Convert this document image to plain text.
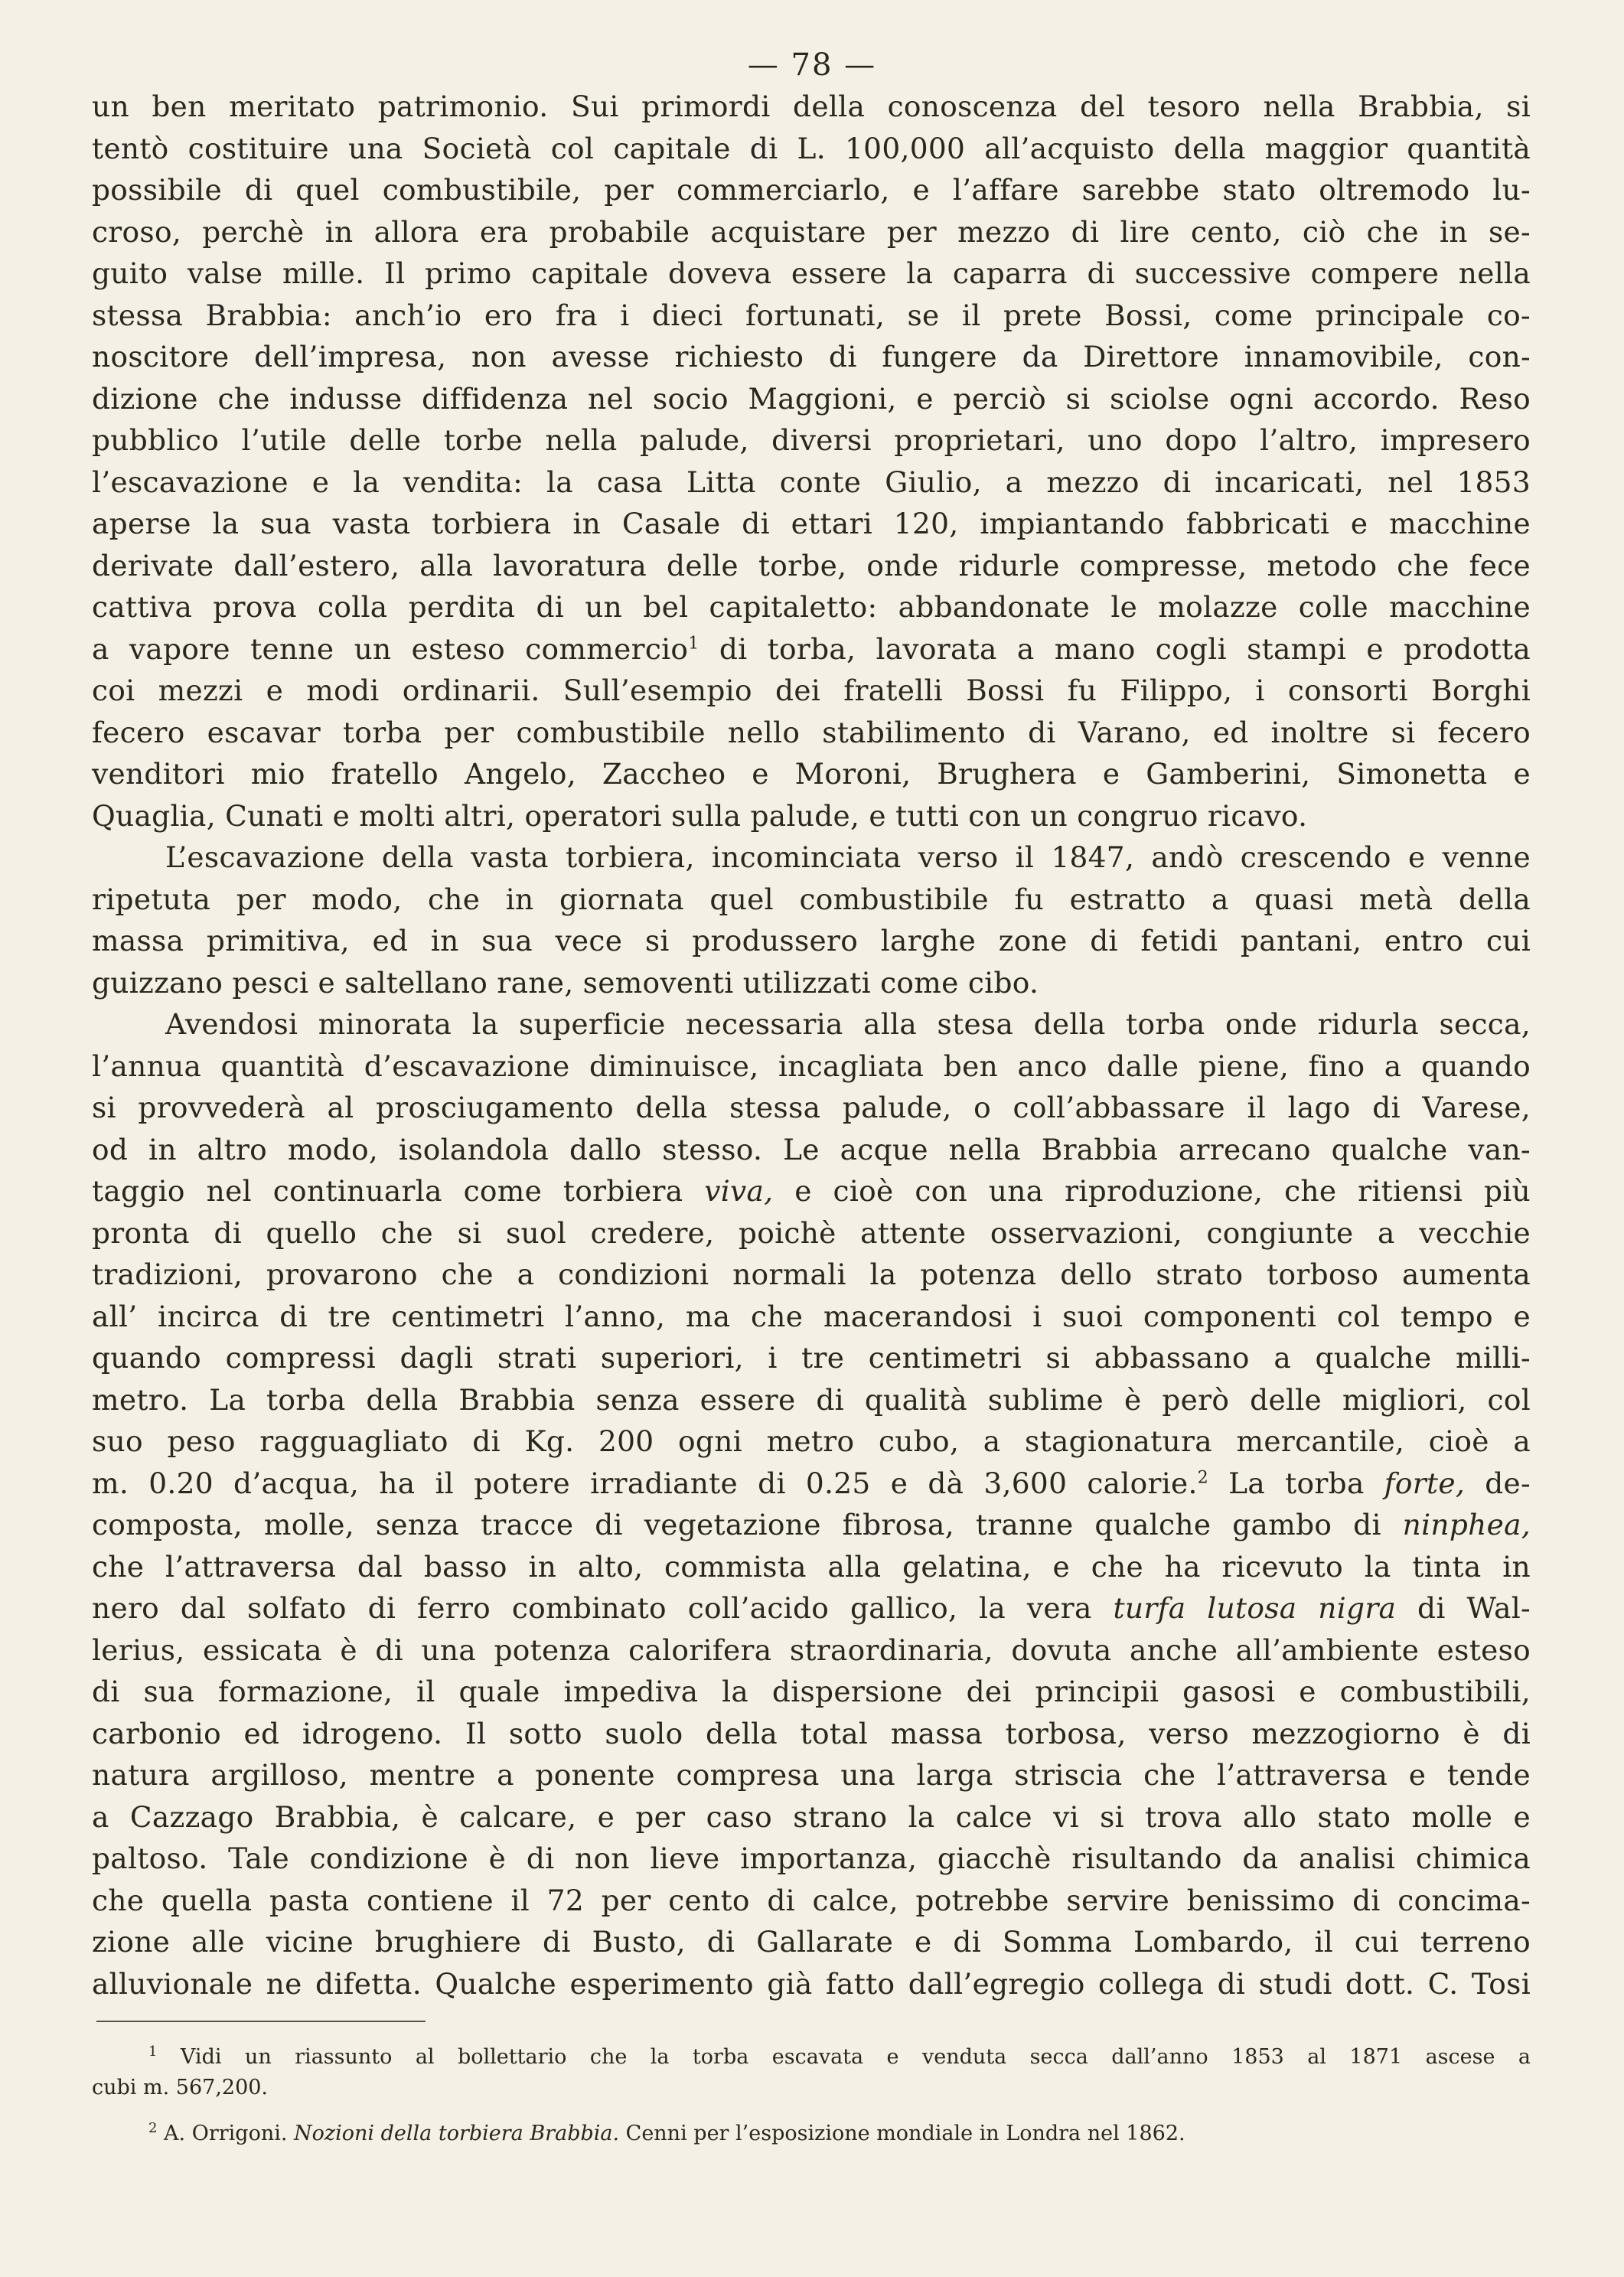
— 78 —
un ben meritato patrimonio. Sui primordi della conoscenza del tesoro nella Brabbia, si
tentò costituire una Società col capitale di L. 100,000 all’acquisto della maggior quantità
possibile di quel combustibile, per commerciarlo, e l’affare sarebbe stato oltremodo lu-
croso, perchè in allora era probabile acquistare per mezzo di lire cento, ciò che in se-
guito valse mille. Il primo capitale doveva essere la caparra di successive compere nella
stessa Brabbia: anch’io ero fra i dieci fortunati, se il prete Bossi, come principale co-
noscitore dell’impresa, non avesse richiesto di fungere da Direttore innamovibile, con-
dizione che indusse diffidenza nel socio Maggioni, e perciò si sciolse ogni accordo. Reso
pubblico l’utile delle torbe nella palude, diversi proprietari, uno dopo l’altro, impresero
l’escavazione e la vendita: la casa Litta conte Giulio, a mezzo di incaricati, nel 1853
aperse la sua vasta torbiera in Casale di ettari 120, impiantando fabbricati e macchine
derivate dall’estero, alla lavoratura delle torbe, onde ridurle compresse, metodo che fece
cattiva prova colla perdita di un bel capitaletto: abbandonate le molazze colle macchine
a vapore tenne un esteso commercio$^1$ di torba, lavorata a mano cogli stampi e prodotta
coi mezzi e modi ordinarii. Sull’esempio dei fratelli Bossi fu Filippo, i consorti Borghi
fecero escavar torba per combustibile nello stabilimento di Varano, ed inoltre si fecero
venditori mio fratello Angelo, Zaccheo e Moroni, Brughera e Gamberini, Simonetta e
Quaglia, Cunati e molti altri, operatori sulla palude, e tutti con un congruo ricavo.
L’escavazione della vasta torbiera, incominciata verso il 1847, andò crescendo e venne
ripetuta per modo, che in giornata quel combustibile fu estratto a quasi metà della
massa primitiva, ed in sua vece si produssero larghe zone di fetidi pantani, entro cui
guizzano pesci e saltellano rane, semoventi utilizzati come cibo.
Avendosi minorata la superficie necessaria alla stesa della torba onde ridurla secca,
l’annua quantità d’escavazione diminuisce, incagliata ben anco dalle piene, fino a quando
si provvederà al prosciugamento della stessa palude, o coll’abbassare il lago di Varese,
od in altro modo, isolandola dallo stesso. Le acque nella Brabbia arrecano qualche van-
taggio nel continuarla come torbiera viva, e cioè con una riproduzione, che ritiensi più
pronta di quello che si suol credere, poichè attente osservazioni, congiunte a vecchie
tradizioni, provarono che a condizioni normali la potenza dello strato torboso aumenta
all’ incirca di tre centimetri l’anno, ma che macerandosi i suoi componenti col tempo e
quando compressi dagli strati superiori, i tre centimetri si abbassano a qualche milli-
metro. La torba della Brabbia senza essere di qualità sublime è però delle migliori, col
suo peso ragguagliato di Kg. 200 ogni metro cubo, a stagionatura mercantile, cioè a
m. 0.20 d’acqua, ha il potere irradiante di 0.25 e dà 3,600 calorie.$^2$ La torba forte, de-
composta, molle, senza tracce di vegetazione fibrosa, tranne qualche gambo di ninphea,
che l’attraversa dal basso in alto, commista alla gelatina, e che ha ricevuto la tinta in
nero dal solfato di ferro combinato coll’acido gallico, la vera turfa lutosa nigra di Wal-
lerius, essicata è di una potenza calorifera straordinaria, dovuta anche all’ambiente esteso
di sua formazione, il quale impediva la dispersione dei principii gasosi e combustibili,
carbonio ed idrogeno. Il sotto suolo della total massa torbosa, verso mezzogiorno è di
natura argilloso, mentre a ponente compresa una larga striscia che l’attraversa e tende
a Cazzago Brabbia, è calcare, e per caso strano la calce vi si trova allo stato molle e
paltoso. Tale condizione è di non lieve importanza, giacchè risultando da analisi chimica
che quella pasta contiene il 72 per cento di calce, potrebbe servire benissimo di concima-
zione alle vicine brughiere di Busto, di Gallarate e di Somma Lombardo, il cui terreno
alluvionale ne difetta. Qualche esperimento già fatto dall’egregio collega di studi dott. C. Tosi
$^1$ Vidi un riassunto al bollettario che la torba escavata e venduta secca dall’anno 1853 al 1871 ascese a
cubi m. 567,200.
$^2$ A. Orrigoni. Nozioni della torbiera Brabbia. Cenni per l’esposizione mondiale in Londra nel 1862.
